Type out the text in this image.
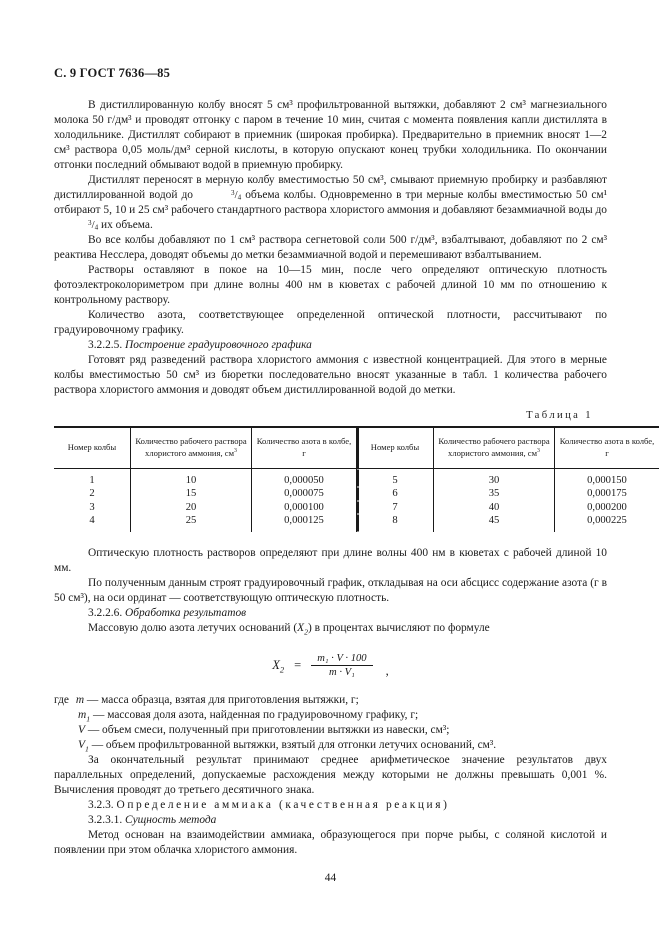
С. 9 ГОСТ 7636—85

В дистиллированную колбу вносят 5 см³ профильтрованной вытяжки, добавляют 2 см³ магнезиального молока 50 г/дм³ и проводят отгонку с паром в течение 10 мин, считая с момента появления капли дистиллята в холодильнике. Дистиллят собирают в приемник (широкая пробирка). Предварительно в приемник вносят 1—2 см³ раствора 0,05 моль/дм³ серной кислоты, в которую опускают конец трубки холодильника. По окончании отгонки последний обмывают водой в приемную пробирку.

Дистиллят переносят в мерную колбу вместимостью 50 см³, смывают приемную пробирку и разбавляют дистиллированной водой до	$^3/_4$ объема колбы. Одновременно в три мерные колбы вместимостью 50 см¹ отбирают 5, 10 и 25 см³ рабочего стандартного раствора хлористого аммония и добавляют безаммиачной воды до $^3/_4$ их объема.

Во все колбы добавляют по 1 см³ раствора сегнетовой соли 500 г/дм³, взбалтывают, добавляют по 2 см³ реактива Несслера, доводят объемы до метки безаммиачной водой и перемешивают взбалтыванием.

Растворы оставляют в покое на 10—15 мин, после чего определяют оптическую плотность фотоэлектроколориметром при длине волны 400 нм в кюветах с рабочей длиной 10 мм по отношению к контрольному раствору.

Количество азота, соответствующее определенной оптической плотности, рассчитывают по градуировочному графику.

3.2.2.5. Построение градуировочного графика

Готовят ряд разведений раствора хлористого аммония с известной концентрацией. Для этого в мерные колбы вместимостью 50 см³ из бюретки последовательно вносят указанные в табл. 1 количества рабочего раствора хлористого аммония и доводят объем дистиллированной водой до метки.

Таблица 1
Номер колбы	Количество рабочего раствора хлористого аммония, $см^3$	Количество азота в колбе, г	Номер колбы	Количество рабочего раствора хлористого аммония, $см^3$	Количество азота в колбе, г
1	10	0,000050	5	30	0,000150
2	15	0,000075	6	35	0,000175
3	20	0,000100	7	40	0,000200
4	25	0,000125	8	45	0,000225

Оптическую плотность растворов определяют при длине волны 400 нм в кюветах с рабочей длиной 10 мм.

По полученным данным строят градуировочный график, откладывая на оси абсцисс содержание азота (г в 50 см³), на оси ординат — соответствующую оптическую плотность.

3.2.2.6. Обработка результатов

Массовую долю азота летучих оснований $(X_2)$ в процентах вычисляют по формуле

$X_2 = \frac{\text{m₁ · V · 100}}{\text{m · V₁}}$ ,
где m — масса образца, взятая для приготовления вытяжки, г;
$m_1$ — массовая доля азота, найденная по градуировочному графику, г;
V — объем смеси, полученный при приготовлении вытяжки из навески, см³;
$V_1$ — объем профильтрованной вытяжки, взятый для отгонки летучих оснований, см³.

За окончательный результат принимают среднее арифметическое значение результатов двух параллельных определений, допускаемые расхождения между которыми не должны превышать 0,001 %. Вычисления проводят до третьего десятичного знака.

3.2.3. Определение аммиака (качественная реакция)

3.2.3.1. Сущность метода

Метод основан на взаимодействии аммиака, образующегося при порче рыбы, с соляной кислотой и появлении при этом облачка хлористого аммония.

44
